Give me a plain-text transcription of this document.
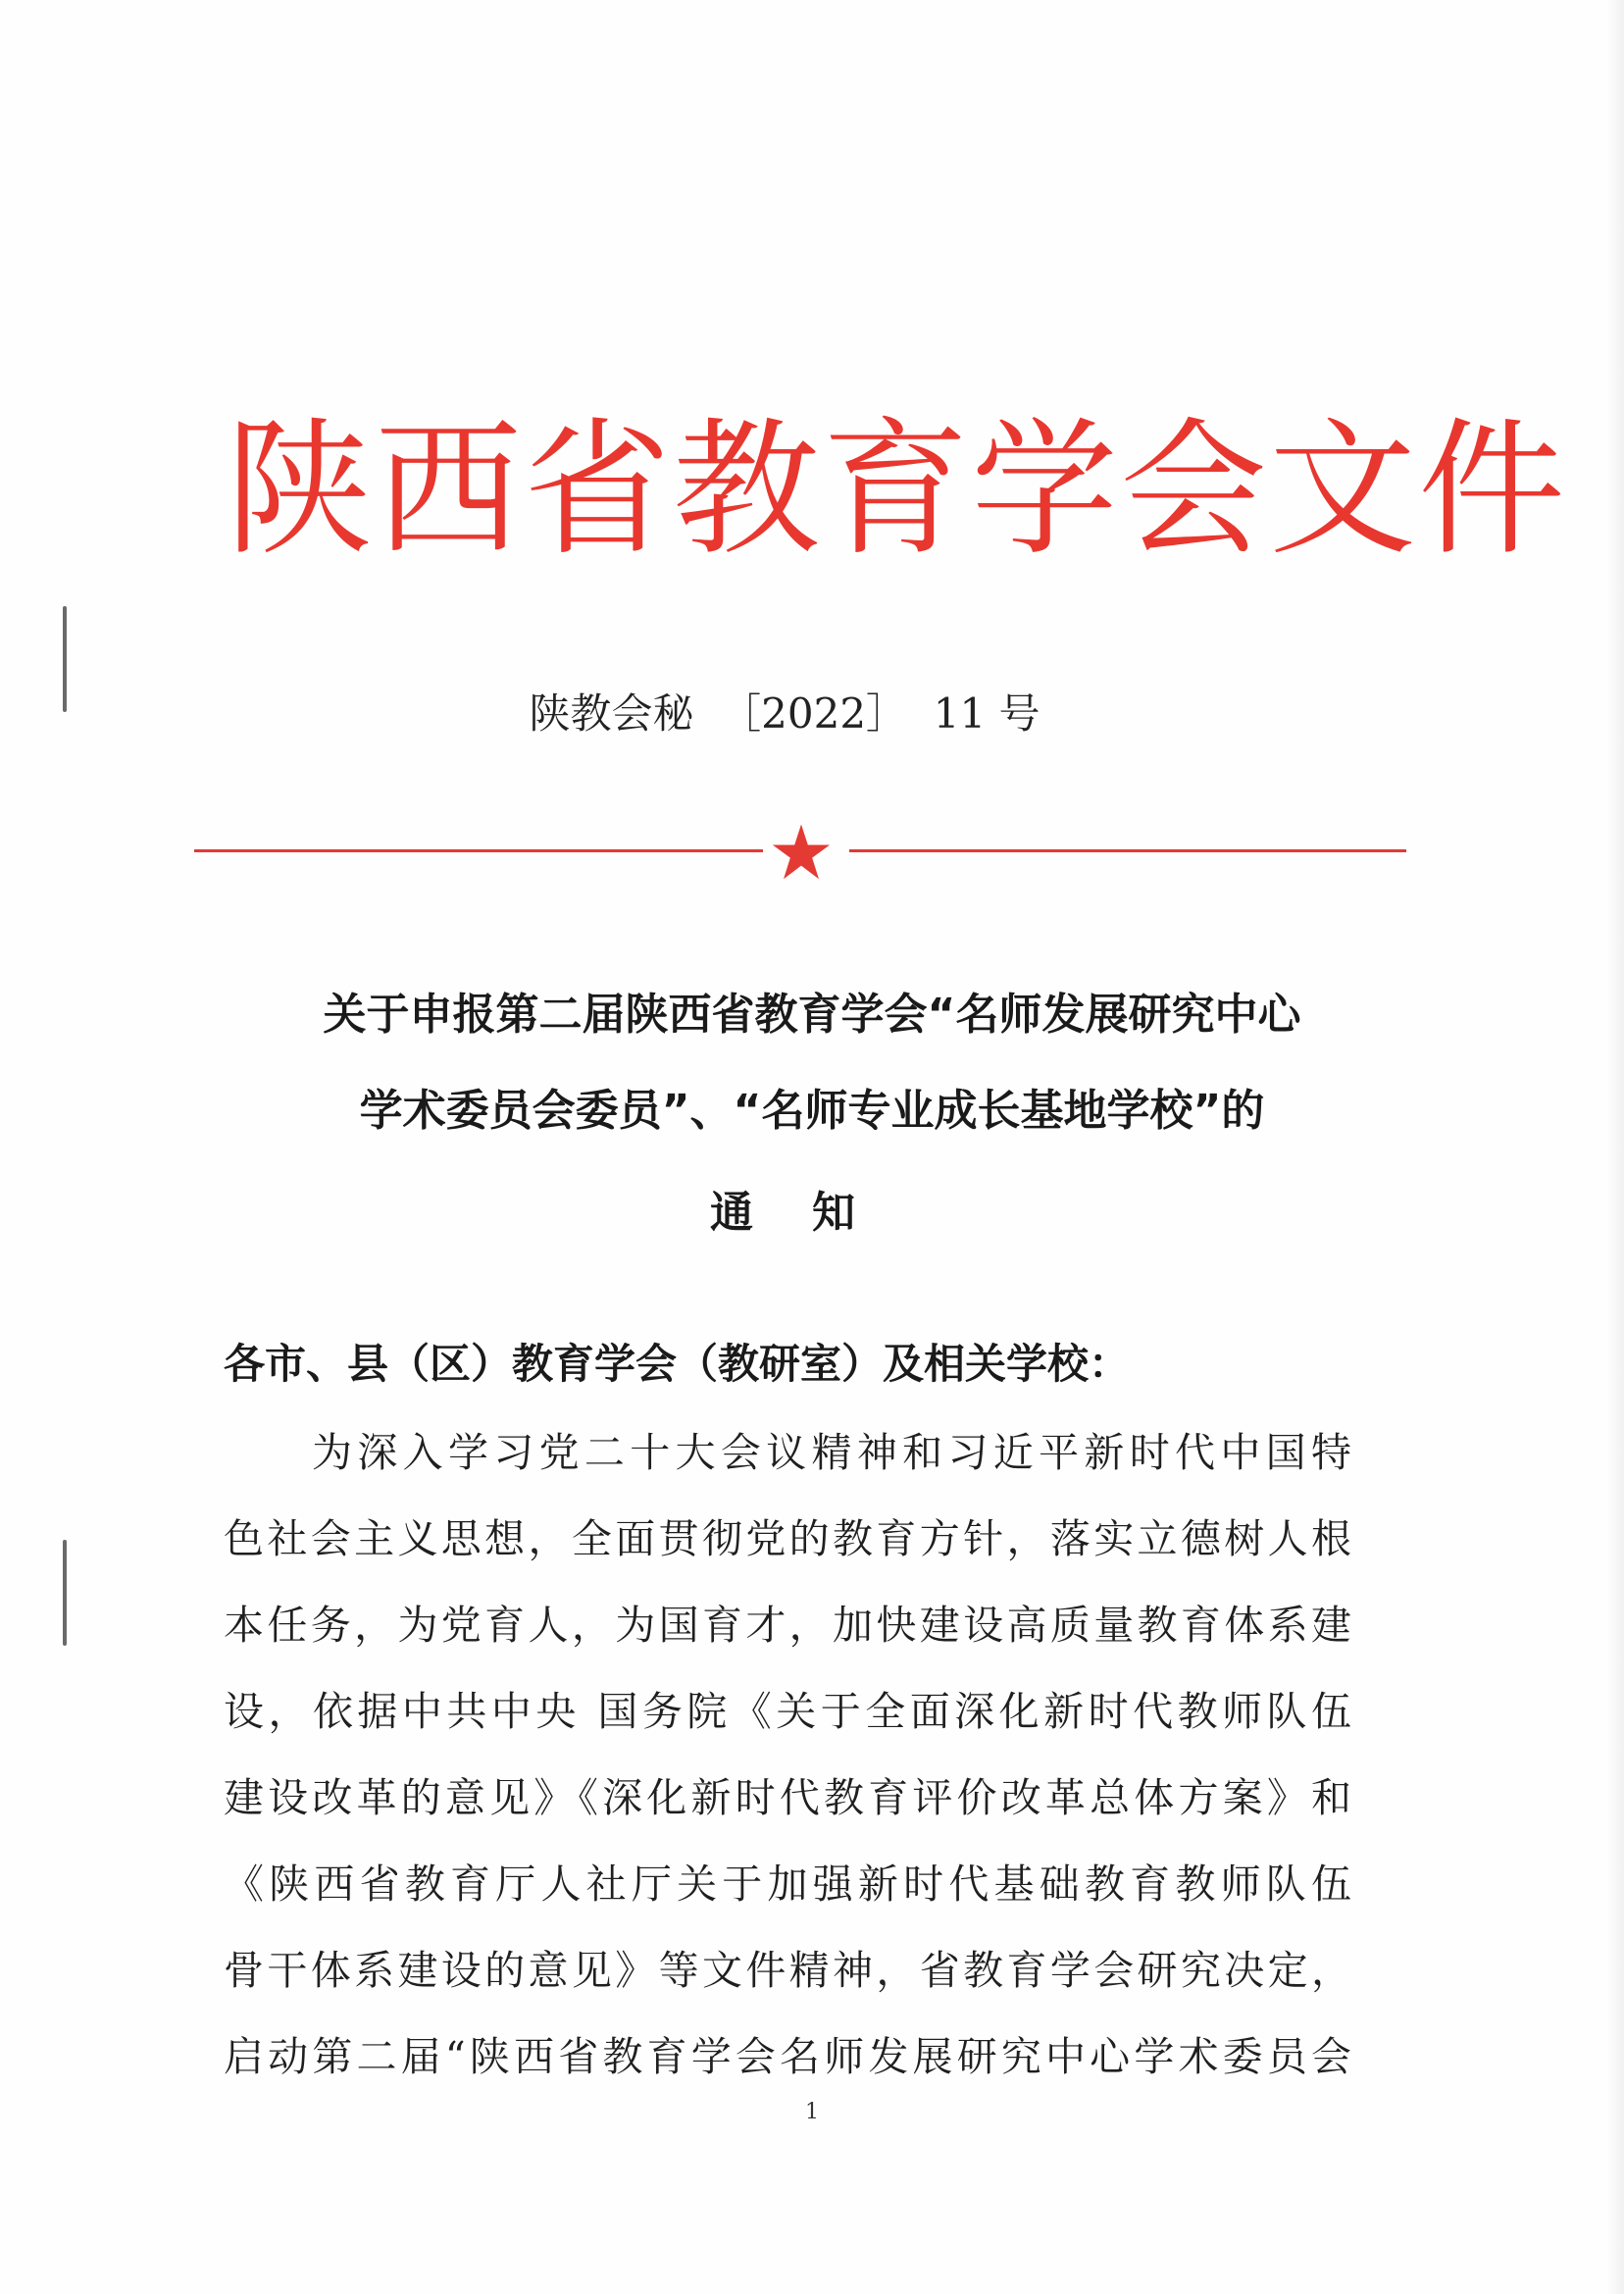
陕西省教育学会文件
陕教会秘  ［2022］  11 号
关于申报第二届陕西省教育学会“名师发展研究中心
学术委员会委员”、“名师专业成长基地学校”的
通知
各市、县（区）教育学会（教研室）及相关学校：
为深入学习党二十大会议精神和习近平新时代中国特
色社会主义思想，全面贯彻党的教育方针，落实立德树人根
本任务，为党育人，为国育才，加快建设高质量教育体系建
设，依据中共中央 国务院《关于全面深化新时代教师队伍
建设改革的意见》《深化新时代教育评价改革总体方案》和
《陕西省教育厅人社厅关于加强新时代基础教育教师队伍
骨干体系建设的意见》等文件精神，省教育学会研究决定，
启动第二届“陕西省教育学会名师发展研究中心学术委员会
1
